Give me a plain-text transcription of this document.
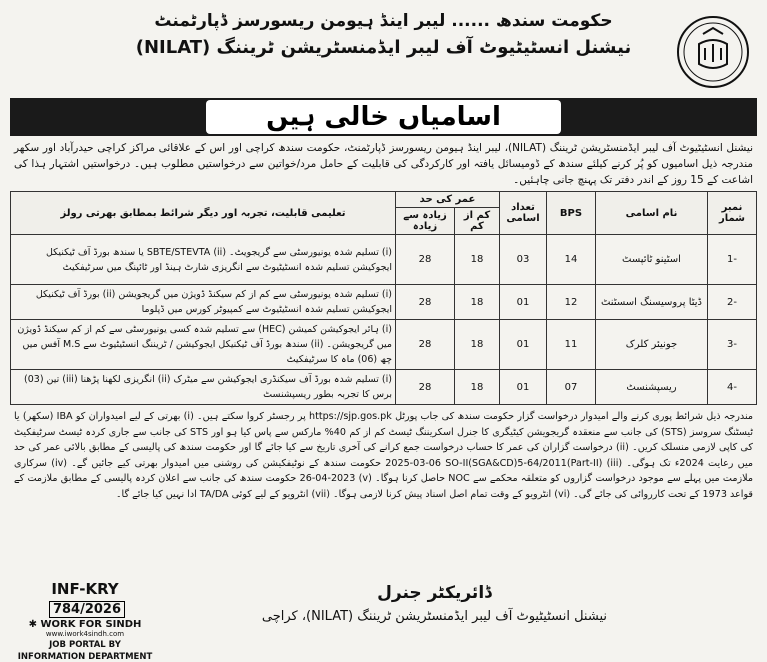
حکومت سندھ ...... لیبر اینڈ ہیومن ریسورسز ڈپارٹمنٹ
نیشنل انسٹیٹیوٹ آف لیبر ایڈمنسٹریشن ٹریننگ (NILAT)
اسامیاں خالی ہیں
نیشنل انسٹیٹیوٹ آف لیبر ایڈمنسٹریشن ٹریننگ (NILAT)، لیبر اینڈ ہیومن ریسورسز ڈپارٹمنٹ، حکومت سندھ کراچی اور اس کے علاقائی مراکز کراچی حیدرآباد اور سکھر مندرجہ ذیل اسامیوں کو پُر کرنے کیلئے سندھ کے ڈومیسائل یافتہ اور کارکردگی کی قابلیت کے حامل مرد/خواتین سے درخواستیں مطلوب ہیں۔ درخواستیں اشتہار ہذا کی اشاعت کے 15 روز کے اندر دفتر تک پہنچ جانی چاہئیں۔
نمبر شمار	نام اسامی	BPS	تعداد اسامی	عمر کی حد		تعلیمی قابلیت، تجربہ اور دیگر شرائط بمطابق بھرتی رولز
				کم از کم	زیادہ سے زیادہ	
-1	اسٹینو ٹائپسٹ	14	03	18	28	(i) تسلیم شدہ یونیورسٹی سے گریجویٹ۔ (ii) SBTE/STEVTA یا سندھ بورڈ آف ٹیکنیکل ایجوکیشن تسلیم شدہ انسٹیٹیوٹ سے انگریزی شارٹ ہینڈ اور ٹائپنگ میں سرٹیفکیٹ
-2	ڈیٹا پروسیسنگ اسسٹنٹ	12	01	18	28	(i) تسلیم شدہ یونیورسٹی سے کم از کم سیکنڈ ڈویژن میں گریجویشن (ii) بورڈ آف ٹیکنیکل ایجوکیشن تسلیم شدہ انسٹیٹیوٹ سے کمپیوٹر کورس میں ڈپلوما
-3	جونیئر کلرک	11	01	18	28	(i) ہائر ایجوکیشن کمیشن (HEC) سے تسلیم شدہ کسی یونیورسٹی سے کم از کم سیکنڈ ڈویژن میں گریجویشن۔ (ii) سندھ بورڈ آف ٹیکنیکل ایجوکیشن / ٹریننگ انسٹیٹیوٹ سے M.S آفس میں چھ (06) ماہ کا سرٹیفکیٹ
-4	ریسپشنسٹ	07	01	18	28	(i) تسلیم شدہ بورڈ آف سیکنڈری ایجوکیشن سے میٹرک (ii) انگریزی لکھنا پڑھنا (iii) تین (03) برس کا تجربہ بطور ریسپشنسٹ
مندرجہ ذیل شرائط پوری کرنے والے امیدوار درخواست گزار حکومت سندھ کی جاب پورٹل https://sjp.gos.pk پر رجسٹر کروا سکتے ہیں۔ (i) بھرتی کے لیے امیدواران کو IBA (سکھر) یا ٹیسٹنگ سروسز (STS) کی جانب سے منعقدہ گریجویشن کیٹیگری کا جنرل اسکریننگ ٹیسٹ کم از کم 40% مارکس سے پاس کیا ہو اور STS کی جانب سے جاری کردہ ٹیسٹ سرٹیفکیٹ کی کاپی لازمی منسلک کریں۔ (ii) درخواست گزاران کی عمر کا حساب درخواست جمع کرانے کی آخری تاریخ سے کیا جائے گا اور حکومت سندھ کی پالیسی کے مطابق بالائی عمر کی حد میں رعایت 2024ء تک ہوگی۔ (iii) 2025-03-06 SO-II(SGA&CD)5-64/2011(Part-II) حکومت سندھ کے نوٹیفکیشن کی روشنی میں امیدوار بھرتی کیے جائیں گے۔ (iv) سرکاری ملازمت میں پہلے سے موجود درخواست گزاروں کو متعلقہ محکمے سے NOC حاصل کرنا ہوگا۔ (v) 26-04-2023 حکومت سندھ کی جانب سے اعلان کردہ پالیسی کے مطابق ملازمت کے قواعد 1973 کے تحت کارروائی کی جائے گی۔ (vi) انٹرویو کے وقت تمام اصل اسناد پیش کرنا لازمی ہوگا۔ (vii) انٹرویو کے لیے کوئی TA/DA ادا نہیں کیا جائے گا۔
ڈائریکٹر جنرل
نیشنل انسٹیٹیوٹ آف لیبر ایڈمنسٹریشن ٹریننگ (NILAT)، کراچی
INF-KRY 784/2026
✱ WORK FOR SINDH
www.iwork4sindh.com
JOB PORTAL BY
INFORMATION DEPARTMENT
